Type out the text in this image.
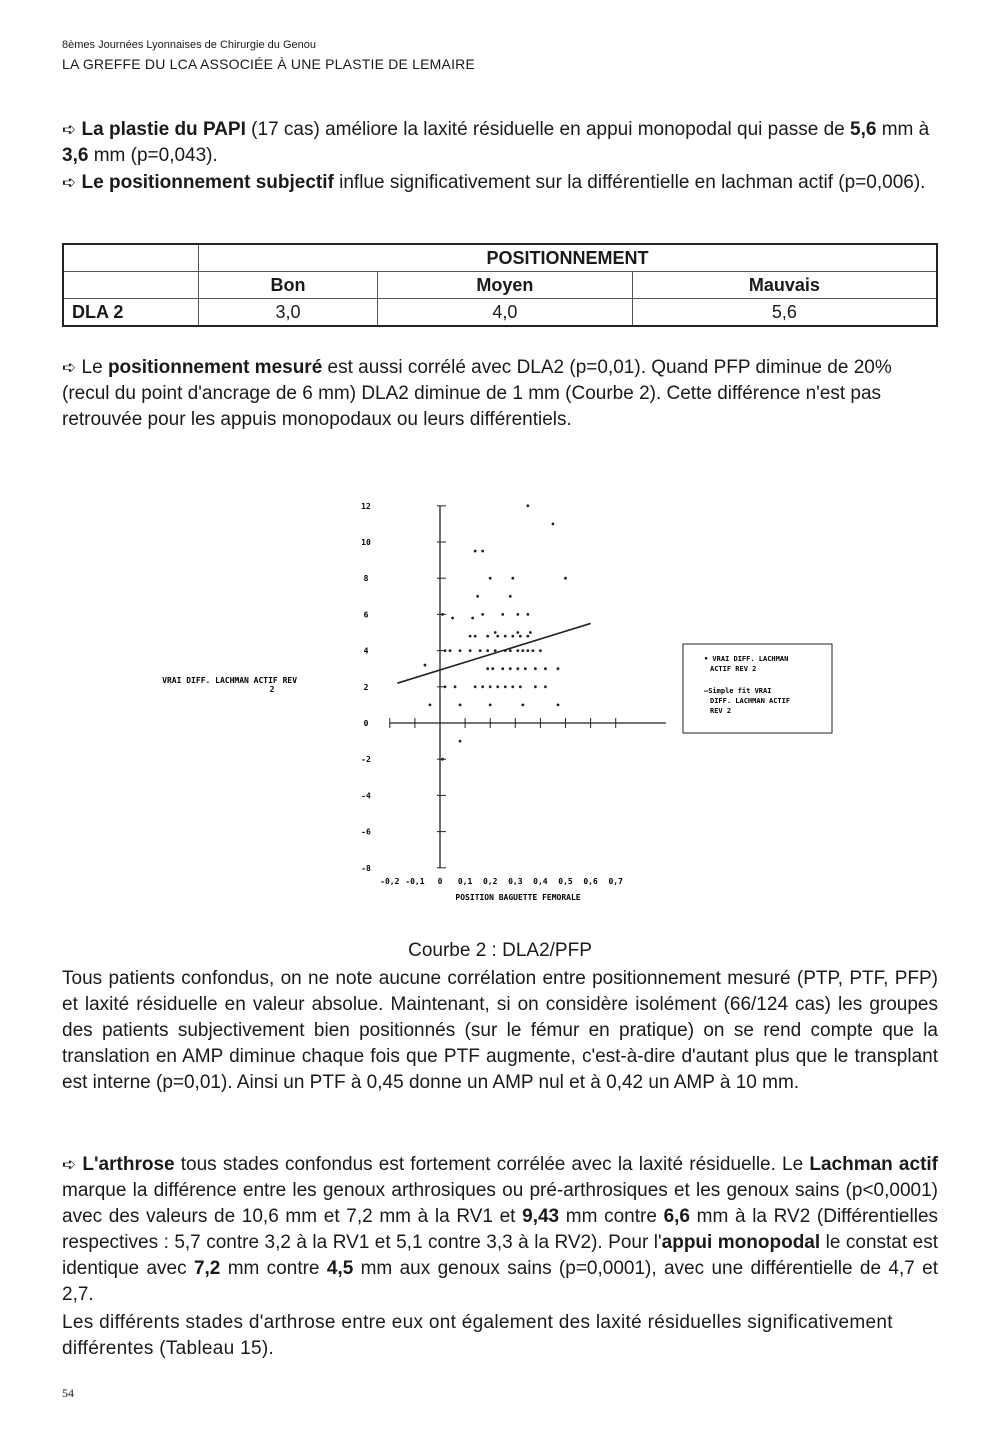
8èmes Journées Lyonnaises de Chirurgie du Genou
LA GREFFE DU LCA ASSOCIÉE À UNE PLASTIE DE LEMAIRE
➪ La plastie du PAPI (17 cas) améliore la laxité résiduelle en appui monopodal qui passe de 5,6 mm à 3,6 mm (p=0,043).
➪ Le positionnement subjectif influe significativement sur la différentielle en lachman actif (p=0,006).
	POSITIONNEMENT		
	Bon	Moyen	Mauvais
DLA 2	3,0	4,0	5,6
➪ Le positionnement mesuré est aussi corrélé avec DLA2 (p=0,01). Quand PFP diminue de 20% (recul du point d'ancrage de 6 mm) DLA2 diminue de 1 mm (Courbe 2). Cette différence n'est pas retrouvée pour les appuis monopodaux ou leurs différentiels.
12
10
8
6
4
2
0
-2
-4
-6
-8
-0,2 -0,1 0 0,1 0,2 0,3 0,4 0,5 0,6 0,7
VRAI DIFF. LACHMAN ACTIF REV 2
POSITION BAGUETTE FEMORALE
• VRAI DIFF. LACHMAN ACTIF REV 2
—Simple fit VRAI DIFF. LACHMAN ACTIF REV 2
Courbe 2 : DLA2/PFP
Tous patients confondus, on ne note aucune corrélation entre positionnement mesuré (PTP, PTF, PFP) et laxité résiduelle en valeur absolue. Maintenant, si on considère isolément (66/124 cas) les groupes des patients subjectivement bien positionnés (sur le fémur en pratique) on se rend compte que la translation en AMP diminue chaque fois que PTF augmente, c'est-à-dire d'autant plus que le transplant est interne (p=0,01). Ainsi un PTF à 0,45 donne un AMP nul et à 0,42 un AMP à 10 mm.
➪ L'arthrose tous stades confondus est fortement corrélée avec la laxité résiduelle. Le Lachman actif marque la différence entre les genoux arthrosiques ou pré-arthrosiques et les genoux sains (p<0,0001) avec des valeurs de 10,6 mm et 7,2 mm à la RV1 et 9,43 mm contre 6,6 mm à la RV2 (Différentielles respectives : 5,7 contre 3,2 à la RV1 et 5,1 contre 3,3 à la RV2). Pour l'appui monopodal le constat est identique avec 7,2 mm contre 4,5 mm aux genoux sains (p=0,0001), avec une différentielle de 4,7 et 2,7.
Les différents stades d'arthrose entre eux ont également des laxité résiduelles significativement différentes (Tableau 15).
54
